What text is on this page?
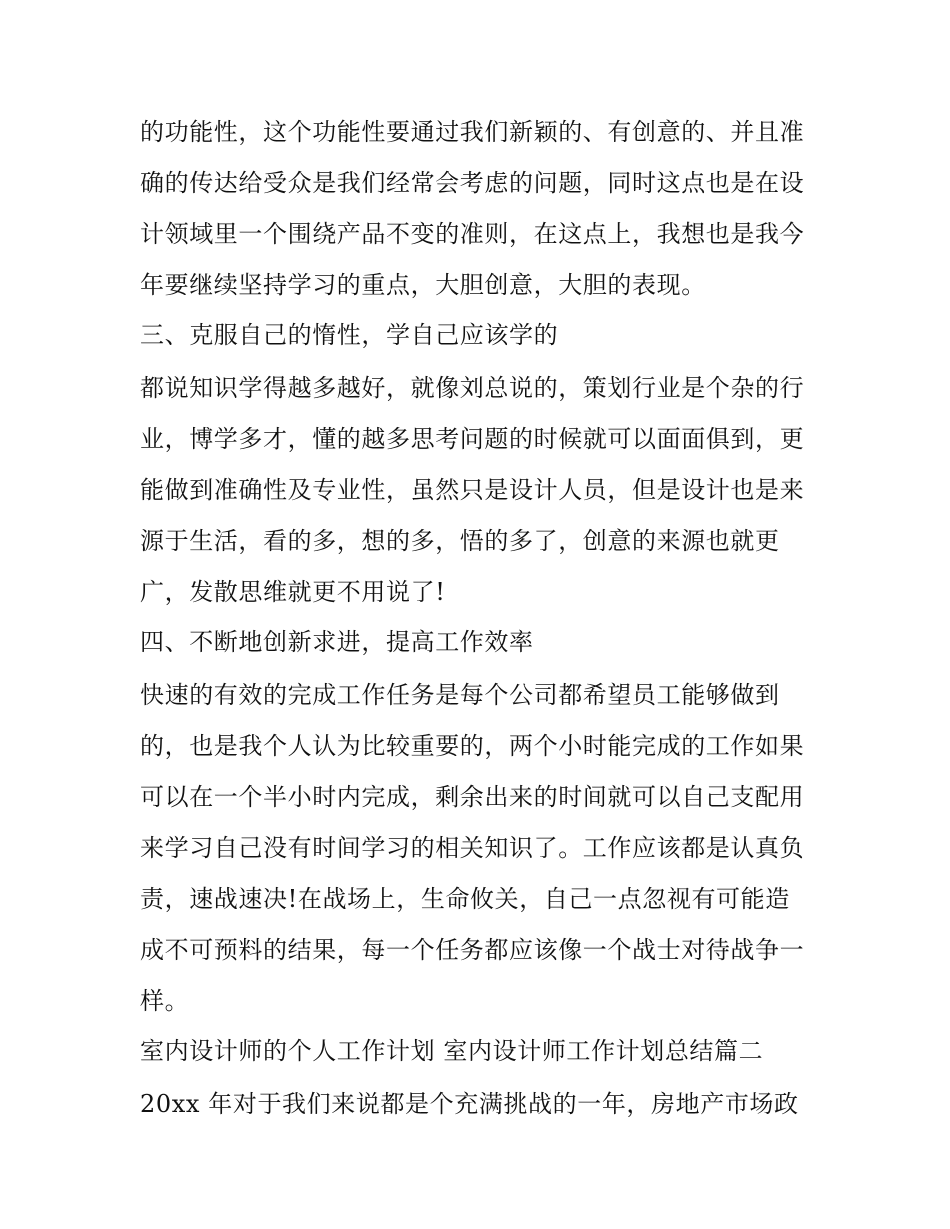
的功能性，这个功能性要通过我们新颖的、有创意的、并且准
确的传达给受众是我们经常会考虑的问题，同时这点也是在设
计领域里一个围绕产品不变的准则，在这点上，我想也是我今
年要继续坚持学习的重点，大胆创意，大胆的表现。
三、克服自己的惰性，学自己应该学的
都说知识学得越多越好，就像刘总说的，策划行业是个杂的行
业，博学多才，懂的越多思考问题的时候就可以面面俱到，更
能做到准确性及专业性，虽然只是设计人员，但是设计也是来
源于生活，看的多，想的多，悟的多了，创意的来源也就更
广，发散思维就更不用说了!
四、不断地创新求进，提高工作效率
快速的有效的完成工作任务是每个公司都希望员工能够做到
的，也是我个人认为比较重要的，两个小时能完成的工作如果
可以在一个半小时内完成，剩余出来的时间就可以自己支配用
来学习自己没有时间学习的相关知识了。工作应该都是认真负
责，速战速决!在战场上，生命攸关，自己一点忽视有可能造
成不可预料的结果，每一个任务都应该像一个战士对待战争一
样。
室内设计师的个人工作计划 室内设计师工作计划总结篇二
20xx 年对于我们来说都是个充满挑战的一年，房地产市场政
